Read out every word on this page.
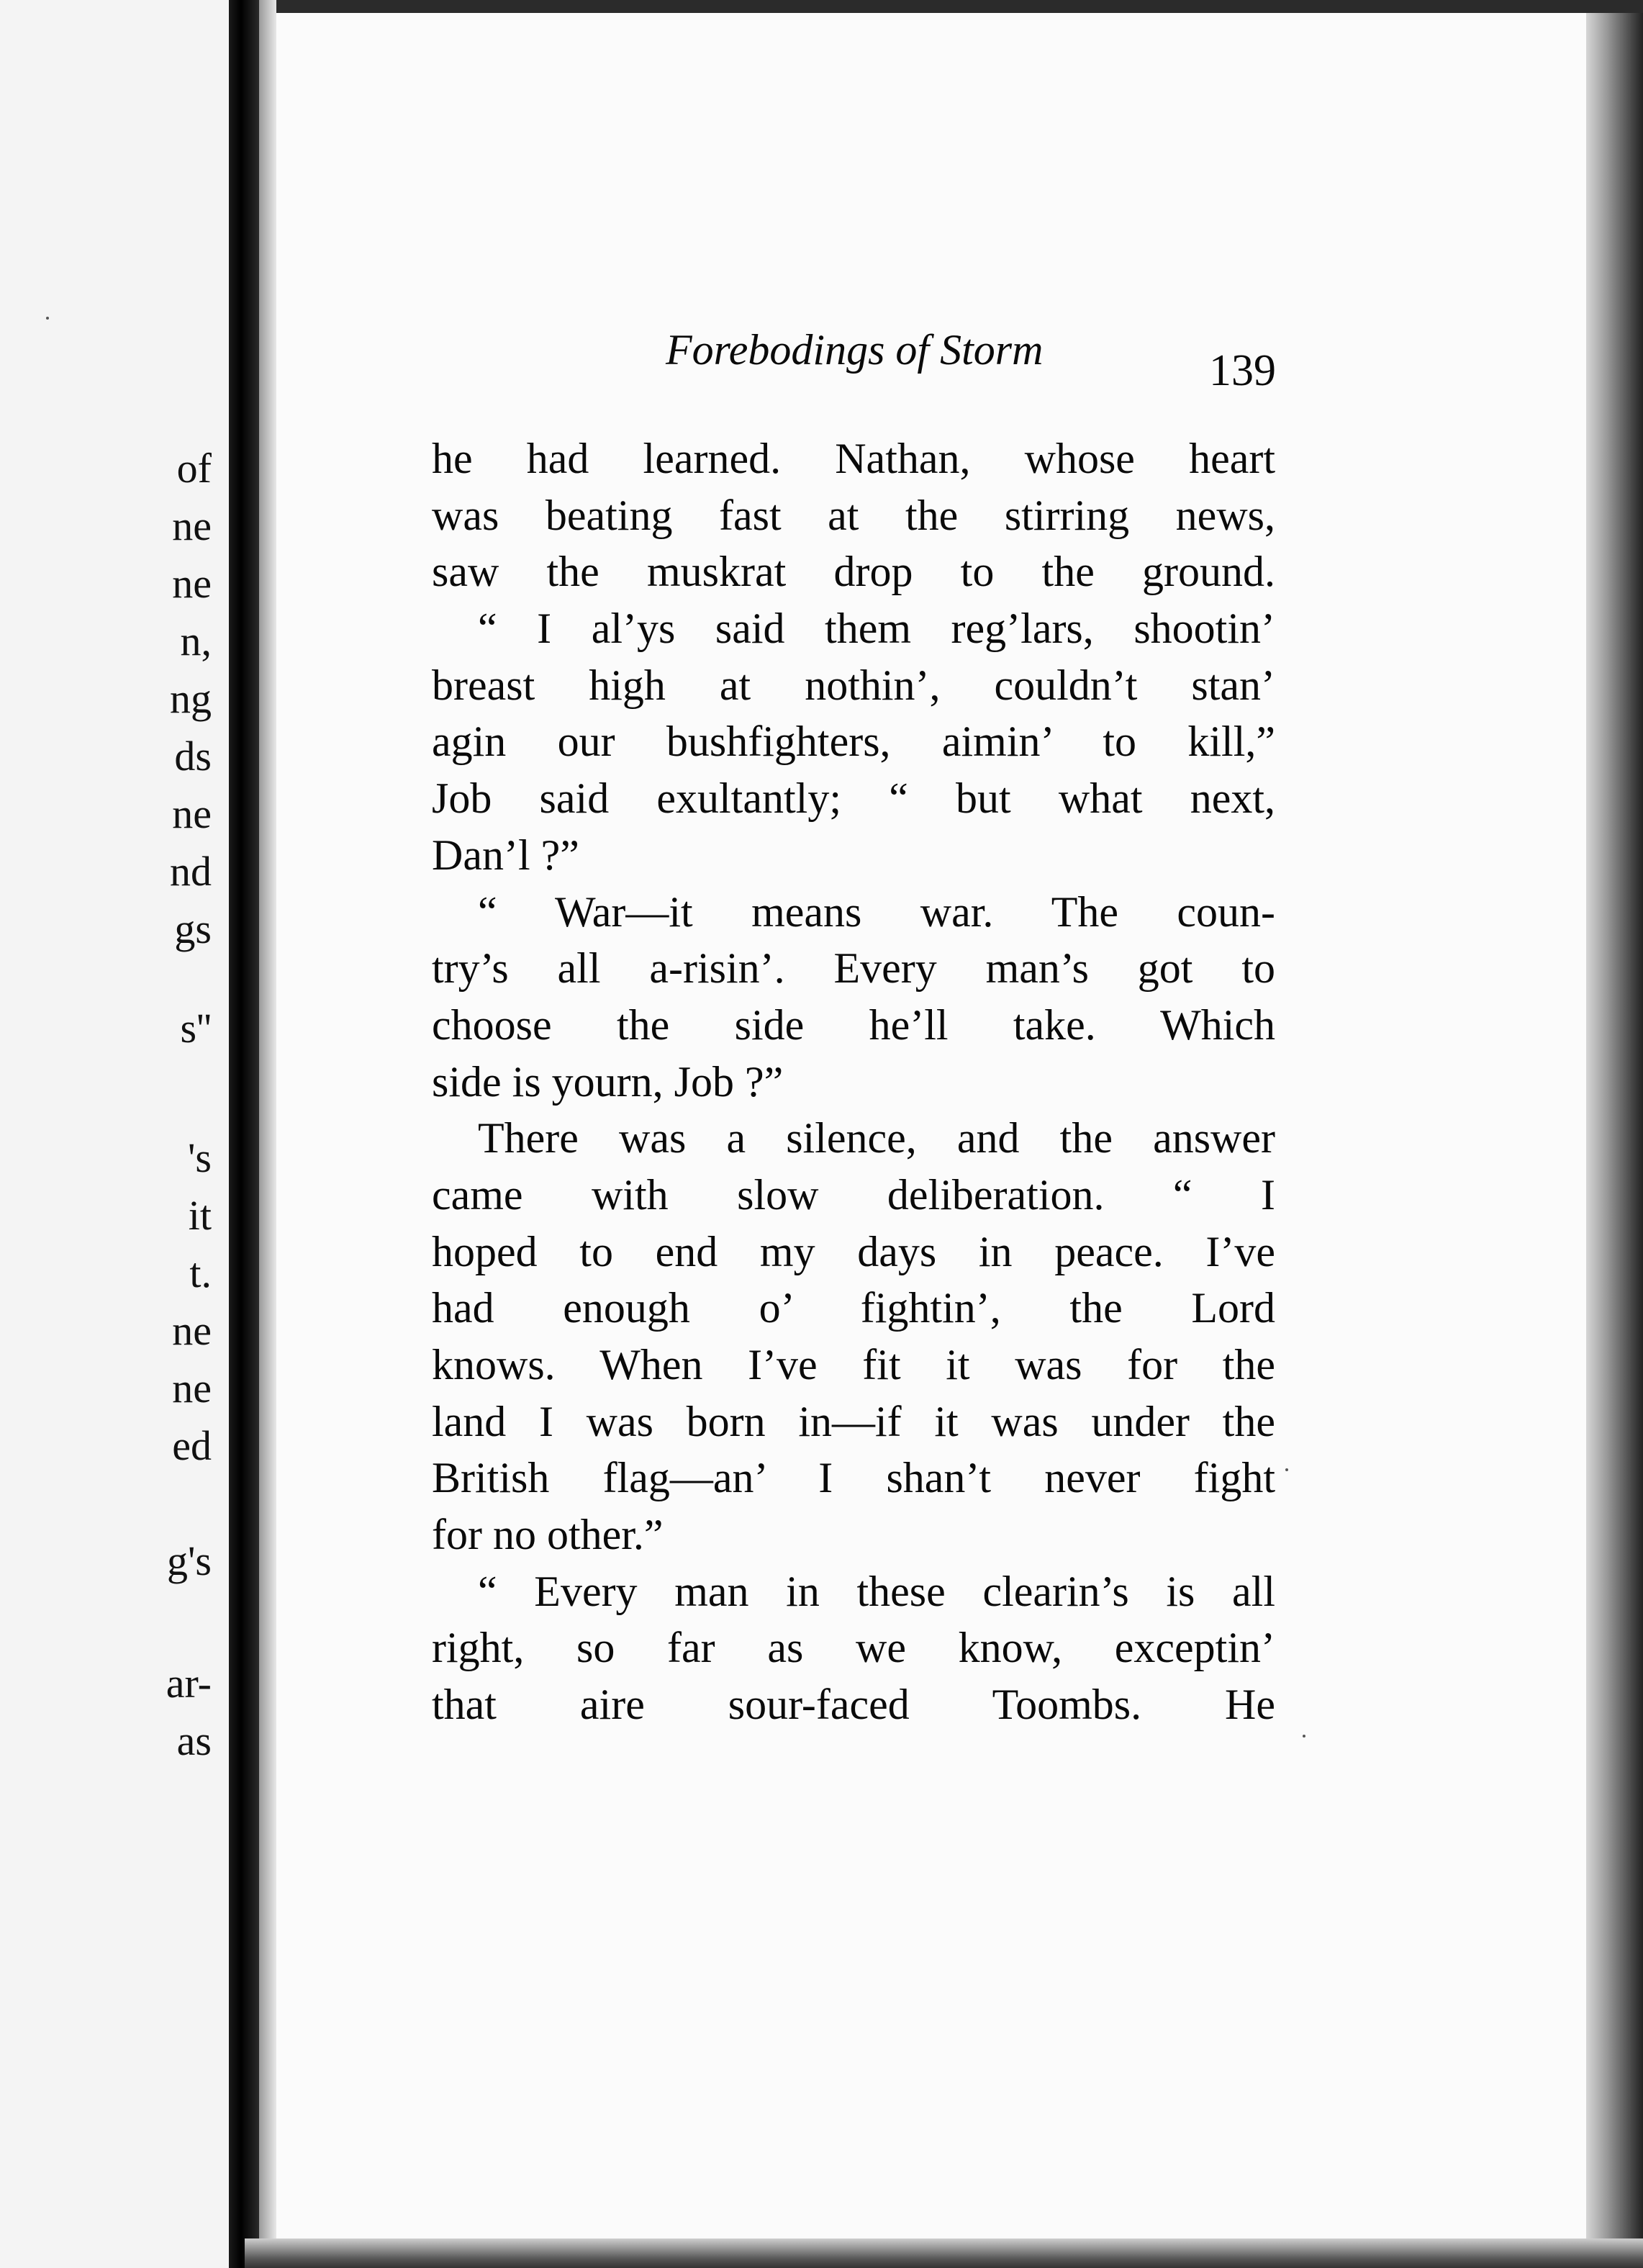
of
ne
ne
n,
ng
ds
ne
nd
gs
s''
's
it
t.
ne
ne
ed
g's
ar-
as
Forebodings of Storm	139
he had learned. Nathan, whose heart
was beating fast at the stirring news,
saw the muskrat drop to the ground.
“ I al’ys said them reg’lars, shootin’
breast high at nothin’, couldn’t stan’
agin our bushfighters, aimin’ to kill,”
Job said exultantly; “ but what next,
Dan’l ?”
“ War—it means war. The coun-
try’s all a-risin’. Every man’s got to
choose the side he’ll take. Which
side is yourn, Job ?”
There was a silence, and the answer
came with slow deliberation. “ I
hoped to end my days in peace. I’ve
had enough o’ fightin’, the Lord
knows. When I’ve fit it was for the
land I was born in—if it was under the
British flag—an’ I shan’t never fight
for no other.”
“ Every man in these clearin’s is all
right, so far as we know, exceptin’
that aire sour-faced Toombs. He
